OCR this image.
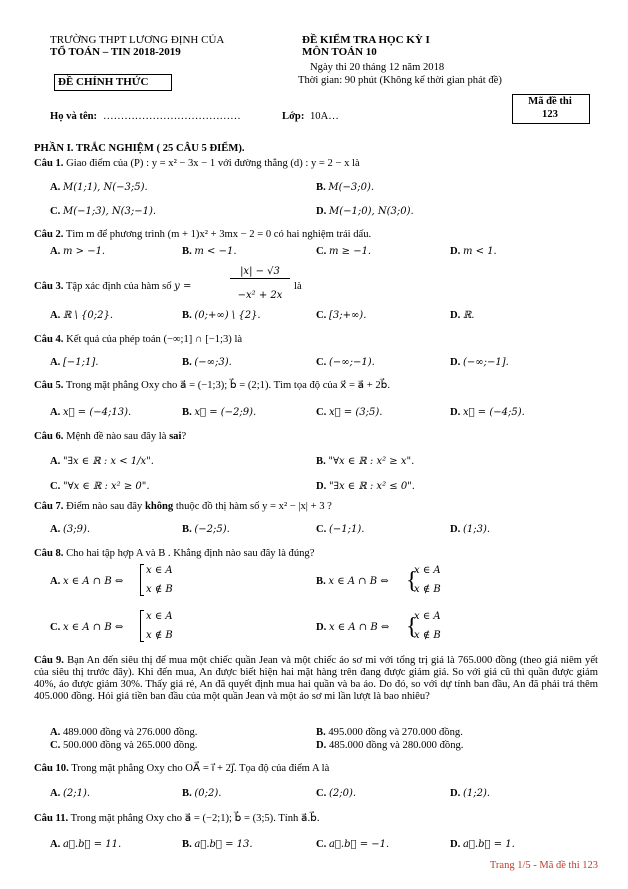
TRƯỜNG THPT LƯƠNG ĐỊNH CỦA
TỔ TOÁN – TIN 2018-2019
ĐỀ CHÍNH THỨC
ĐỀ KIỂM TRA HỌC KỲ I
MÔN TOÁN 10
Ngày thi 20 tháng 12 năm 2018
Thời gian: 90 phút (Không kể thời gian phát đề)
Mã đề thi
123
Họ và tên: …………………………………	Lớp: 10A…
PHẦN I. TRẮC NGHIỆM ( 25 CÂU 5 ĐIỂM).
Câu 1. Giao điểm của (P) : y = x² − 3x − 1 với đường thẳng (d) : y = 2 − x là
A. M(1;1), N(−3;5).	B. M(−3;0).
C. M(−1;3), N(3;−1).	D. M(−1;0), N(3;0).
Câu 2. Tìm m để phương trình (m + 1)x² + 3mx − 2 = 0 có hai nghiệm trái dấu.
A. m > −1.	B. m < −1.	C. m ≥ −1.	D. m < 1.
Câu 3. Tập xác định của hàm số y =
|x| − √3
−x² + 2x
là
A. ℝ \ {0;2}.	B. (0;+∞) \ {2}.	C. [3;+∞).	D. ℝ.
Câu 4. Kết quả của phép toán (−∞;1] ∩ [−1;3) là
A. [−1;1].	B. (−∞;3).	C. (−∞;−1).	D. (−∞;−1].
Câu 5. Trong mặt phẳng Oxy cho a⃗ = (−1;3); b⃗ = (2;1). Tìm tọa độ của x⃗ = a⃗ + 2b⃗.
A. x⃗ = (−4;13).	B. x⃗ = (−2;9).	C. x⃗ = (3;5).	D. x⃗ = (−4;5).
Câu 6. Mệnh đề nào sau đây là sai?
A. "∃x ∈ ℝ : x < 1/x".	B. "∀x ∈ ℝ : x² ≥ x".
C. "∀x ∈ ℝ : x² ≥ 0".	D. "∃x ∈ ℝ : x² ≤ 0".
Câu 7. Điểm nào sau đây không thuộc đồ thị hàm số y = x² − |x| + 3 ?
A. (3;9).	B. (−2;5).	C. (−1;1).	D. (1;3).
Câu 8. Cho hai tập hợp A và B . Khẳng định nào sau đây là đúng?
A. x ∈ A ∩ B ⇔
x ∈ A
x ∉ B
B. x ∈ A ∩ B ⇔ {
x ∈ A
x ∉ B
C. x ∈ A ∩ B ⇔
x ∈ A
x ∉ B
D. x ∈ A ∩ B ⇔ {
x ∈ A
x ∉ B
Câu 9. Bạn An đến siêu thị để mua một chiếc quần Jean và một chiếc áo sơ mi với tổng trị giá là 765.000 đồng (theo giá niêm yết của siêu thị trước đây). Khi đến mua, An được biết hiện hai mặt hàng trên đang được giảm giá. So với giá cũ thì quần được giảm 40%, áo được giảm 30%. Thấy giá rẻ, An đã quyết định mua hai quần và ba áo. Do đó, so với dự tính ban đầu, An đã phải trả thêm 405.000 đồng. Hỏi giá tiền ban đầu của một quần Jean và một áo sơ mi lần lượt là bao nhiêu?
A. 489.000 đồng và 276.000 đồng.	B. 495.000 đồng và 270.000 đồng.
C. 500.000 đồng và 265.000 đồng.	D. 485.000 đồng và 280.000 đồng.
Câu 10. Trong mặt phẳng Oxy cho OA⃗ = i⃗ + 2j⃗. Tọa độ của điểm A là
A. (2;1).	B. (0;2).	C. (2;0).	D. (1;2).
Câu 11. Trong mặt phẳng Oxy cho a⃗ = (−2;1); b⃗ = (3;5). Tính a⃗.b⃗.
A. a⃗.b⃗ = 11.	B. a⃗.b⃗ = 13.	C. a⃗.b⃗ = −1.	D. a⃗.b⃗ = 1.
Trang 1/5 - Mã đề thi 123
